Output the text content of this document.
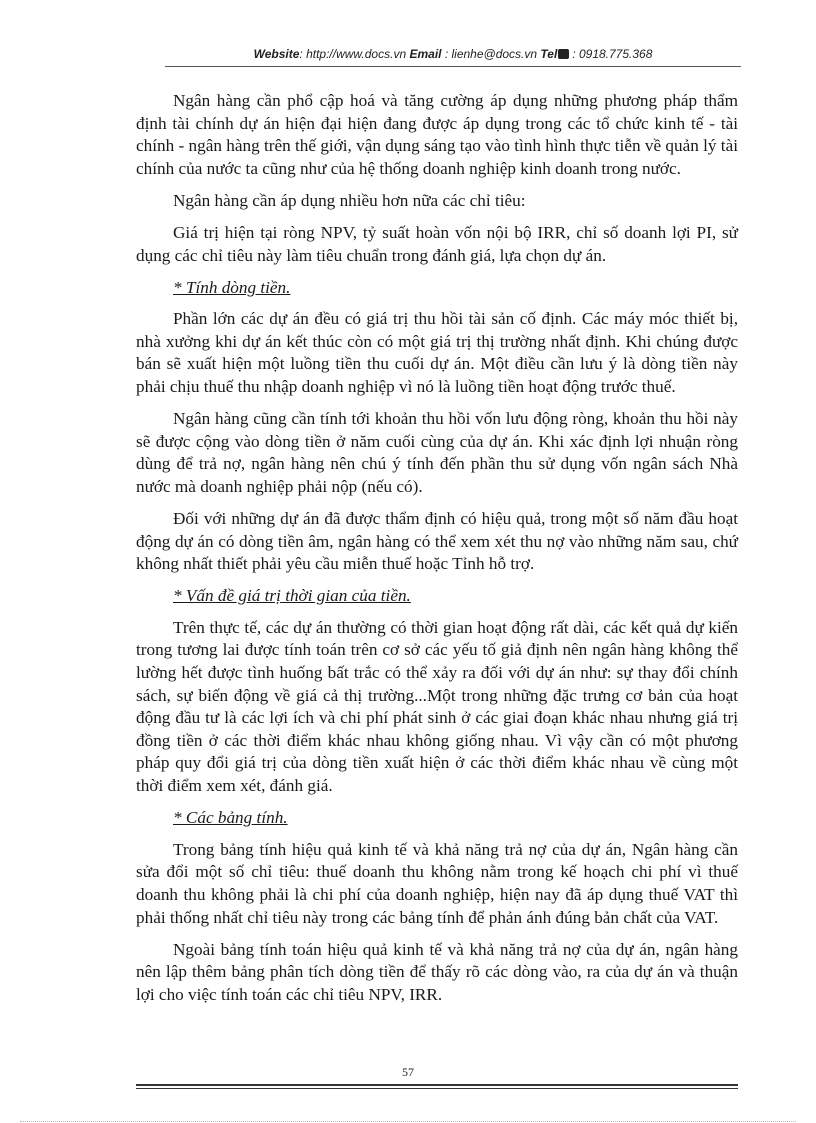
Website: http://www.docs.vn Email : lienhe@docs.vn Tel : 0918.775.368

Ngân hàng cần phổ cập hoá và tăng cường áp dụng những phương pháp thẩm định tài chính dự án hiện đại hiện đang được áp dụng trong các tổ chức kinh tế - tài chính - ngân hàng trên thế giới, vận dụng sáng tạo vào tình hình thực tiễn về quản lý tài chính của nước ta cũng như của hệ thống doanh nghiệp kinh doanh trong nước.

Ngân hàng cần áp dụng nhiều hơn nữa các chỉ tiêu:

Giá trị hiện tại ròng NPV, tỷ suất hoàn vốn nội bộ IRR, chỉ số doanh lợi PI, sử dụng các chỉ tiêu này làm tiêu chuẩn trong đánh giá, lựa chọn dự án.

* Tính dòng tiền.

Phần lớn các dự án đều có giá trị thu hồi tài sản cố định. Các máy móc thiết bị, nhà xưởng khi dự án kết thúc còn có một giá trị thị trường nhất định. Khi chúng được bán sẽ xuất hiện một luồng tiền thu cuối dự án. Một điều cần lưu ý là dòng tiền này phải chịu thuế thu nhập doanh nghiệp vì nó là luồng tiền hoạt động trước thuế.

Ngân hàng cũng cần tính tới khoản thu hồi vốn lưu động ròng, khoản thu hồi này sẽ được cộng vào dòng tiền ở năm cuối cùng của dự án. Khi xác định lợi nhuận ròng dùng để trả nợ, ngân hàng nên chú ý tính đến phần thu sử dụng vốn ngân sách Nhà nước mà doanh nghiệp phải nộp (nếu có).

Đối với những dự án đã được thẩm định có hiệu quả, trong một số năm đầu hoạt động dự án có dòng tiền âm, ngân hàng có thể xem xét thu nợ vào những năm sau, chứ không nhất thiết phải yêu cầu miễn thuế hoặc Tỉnh hỗ trợ.

* Vấn đề giá trị thời gian của tiền.

Trên thực tế, các dự án thường có thời gian hoạt động rất dài, các kết quả dự kiến trong tương lai được tính toán trên cơ sở các yếu tố giả định nên ngân hàng không thể lường hết được tình huống bất trắc có thể xảy ra đối với dự án như: sự thay đổi chính sách, sự biến động về giá cả thị trường...Một trong những đặc trưng cơ bản của hoạt động đầu tư là các lợi ích và chi phí phát sinh ở các giai đoạn khác nhau nhưng giá trị đồng tiền ở các thời điểm khác nhau không giống nhau. Vì vậy cần có một phương pháp quy đổi giá trị của dòng tiền xuất hiện ở các thời điểm khác nhau về cùng một thời điểm xem xét, đánh giá.

* Các bảng tính.

Trong bảng tính hiệu quả kinh tế và khả năng trả nợ của dự án, Ngân hàng cần sửa đổi một số chỉ tiêu: thuế doanh thu không nằm trong kế hoạch chi phí vì thuế doanh thu không phải là chi phí của doanh nghiệp, hiện nay đã áp dụng thuế VAT thì phải thống nhất chỉ tiêu này trong các bảng tính để phản ánh đúng bản chất của VAT.

Ngoài bảng tính toán hiệu quả kinh tế và khả năng trả nợ của dự án, ngân hàng nên lập thêm bảng phân tích dòng tiền để thấy rõ các dòng vào, ra của dự án và thuận lợi cho việc tính toán các chỉ tiêu NPV, IRR.

57
